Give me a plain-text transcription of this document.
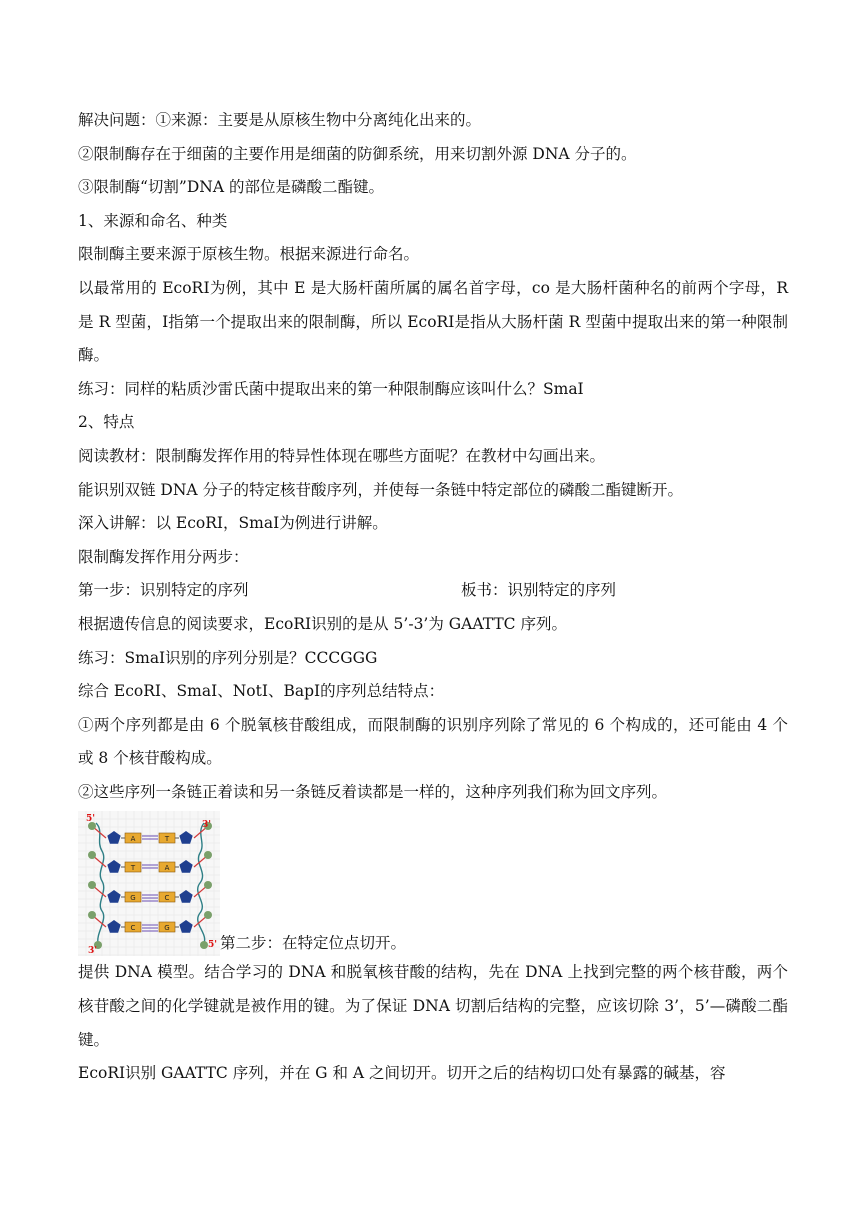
解决问题：①来源：主要是从原核生物中分离纯化出来的。

②限制酶存在于细菌的主要作用是细菌的防御系统，用来切割外源 DNA 分子的。

③限制酶“切割”DNA 的部位是磷酸二酯键。

1、来源和命名、种类

限制酶主要来源于原核生物。根据来源进行命名。

以最常用的 EcoRⅠ为例，其中 E 是大肠杆菌所属的属名首字母，co 是大肠杆菌种名的前两个字母，R 是 R 型菌，Ⅰ指第一个提取出来的限制酶，所以 EcoRⅠ是指从大肠杆菌 R 型菌中提取出来的第一种限制酶。

练习：同样的粘质沙雷氏菌中提取出来的第一种限制酶应该叫什么？SmaⅠ

2、特点

阅读教材：限制酶发挥作用的特异性体现在哪些方面呢？在教材中勾画出来。

能识别双链 DNA 分子的特定核苷酸序列，并使每一条链中特定部位的磷酸二酯键断开。

深入讲解：以 EcoRⅠ，SmaⅠ为例进行讲解。

限制酶发挥作用分两步：

第一步：识别特定的序列	板书：识别特定的序列

根据遗传信息的阅读要求，EcoRⅠ识别的是从 5’-3’为 GAATTC 序列。

练习：SmaⅠ识别的序列分别是？CCCGGG

综合 EcoRⅠ、SmaⅠ、NotI、BapⅠ的序列总结特点：

①两个序列都是由 6 个脱氧核苷酸组成，而限制酶的识别序列除了常见的 6 个构成的，还可能由 4 个或 8 个核苷酸构成。

②这些序列一条链正着读和另一条链反着读都是一样的，这种序列我们称为回文序列。

A	T
T	A
G	C
C	G
5'
3'
3'
5' 第二步：在特定位点切开。

提供 DNA 模型。结合学习的 DNA 和脱氧核苷酸的结构，先在 DNA 上找到完整的两个核苷酸，两个核苷酸之间的化学键就是被作用的键。为了保证 DNA 切割后结构的完整，应该切除 3’，5’—磷酸二酯键。

EcoRⅠ识别 GAATTC 序列，并在 G 和 A 之间切开。切开之后的结构切口处有暴露的碱基，容
